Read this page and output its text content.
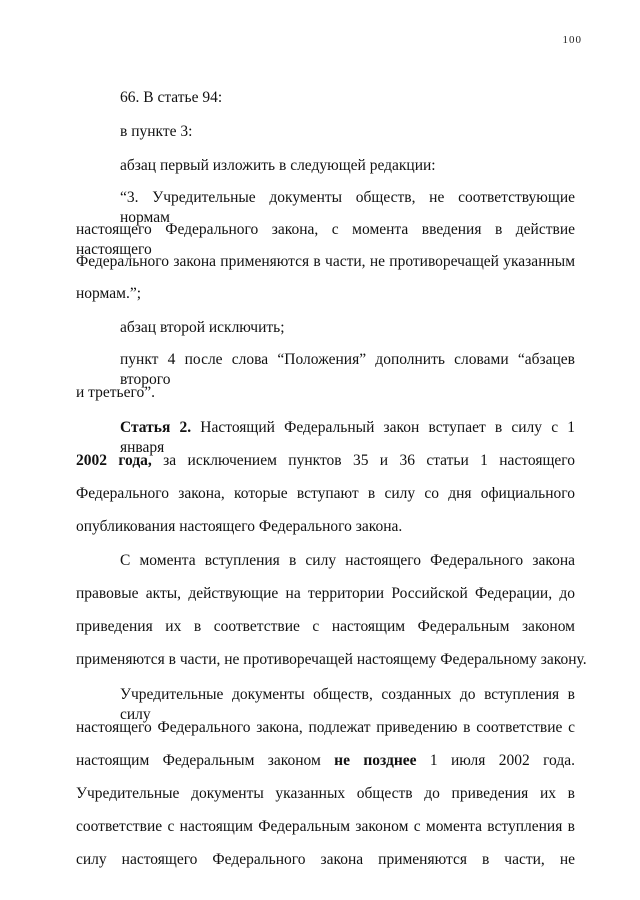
100
66. В статье 94:
в пункте 3:
абзац первый изложить в следующей редакции:
“3. Учредительные документы обществ, не соответствующие нормам
настоящего Федерального закона, с момента введения в действие настоящего
Федерального закона применяются в части, не противоречащей указанным
нормам.”;
абзац второй исключить;
пункт 4 после слова “Положения” дополнить словами “абзацев второго
и третьего”.
Статья 2. Настоящий Федеральный закон вступает в силу с 1 января
2002 года, за исключением пунктов 35 и 36 статьи 1 настоящего
Федерального закона, которые вступают в силу со дня официального
опубликования настоящего Федерального закона.
С момента вступления в силу настоящего Федерального закона
правовые акты, действующие на территории Российской Федерации, до
приведения их в соответствие с настоящим Федеральным законом
применяются в части, не противоречащей настоящему Федеральному закону.
Учредительные документы обществ, созданных до вступления в силу
настоящего Федерального закона, подлежат приведению в соответствие с
настоящим Федеральным законом не позднее 1 июля 2002 года.
Учредительные документы указанных обществ до приведения их в
соответствие с настоящим Федеральным законом с момента вступления в
силу настоящего Федерального закона применяются в части, не
